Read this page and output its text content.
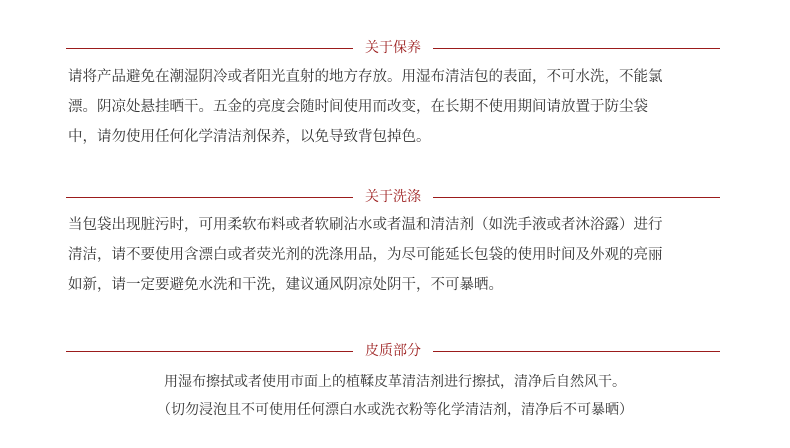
关于保养

请将产品避免在潮湿阴冷或者阳光直射的地方存放。用湿布清洁包的表面，不可水洗，不能氯
漂。阴凉处悬挂晒干。五金的亮度会随时间使用而改变，在长期不使用期间请放置于防尘袋
中，请勿使用任何化学清洁剂保养，以免导致背包掉色。

关于洗涤

当包袋出现脏污时，可用柔软布料或者软刷沾水或者温和清洁剂（如洗手液或者沐浴露）进行
清洁，请不要使用含漂白或者荧光剂的洗涤用品，为尽可能延长包袋的使用时间及外观的亮丽
如新，请一定要避免水洗和干洗，建议通风阴凉处阴干，不可暴晒。

皮质部分
用湿布擦拭或者使用市面上的植鞣皮革清洁剂进行擦拭，清净后自然风干。
（切勿浸泡且不可使用任何漂白水或洗衣粉等化学清洁剂，清净后不可暴晒）
